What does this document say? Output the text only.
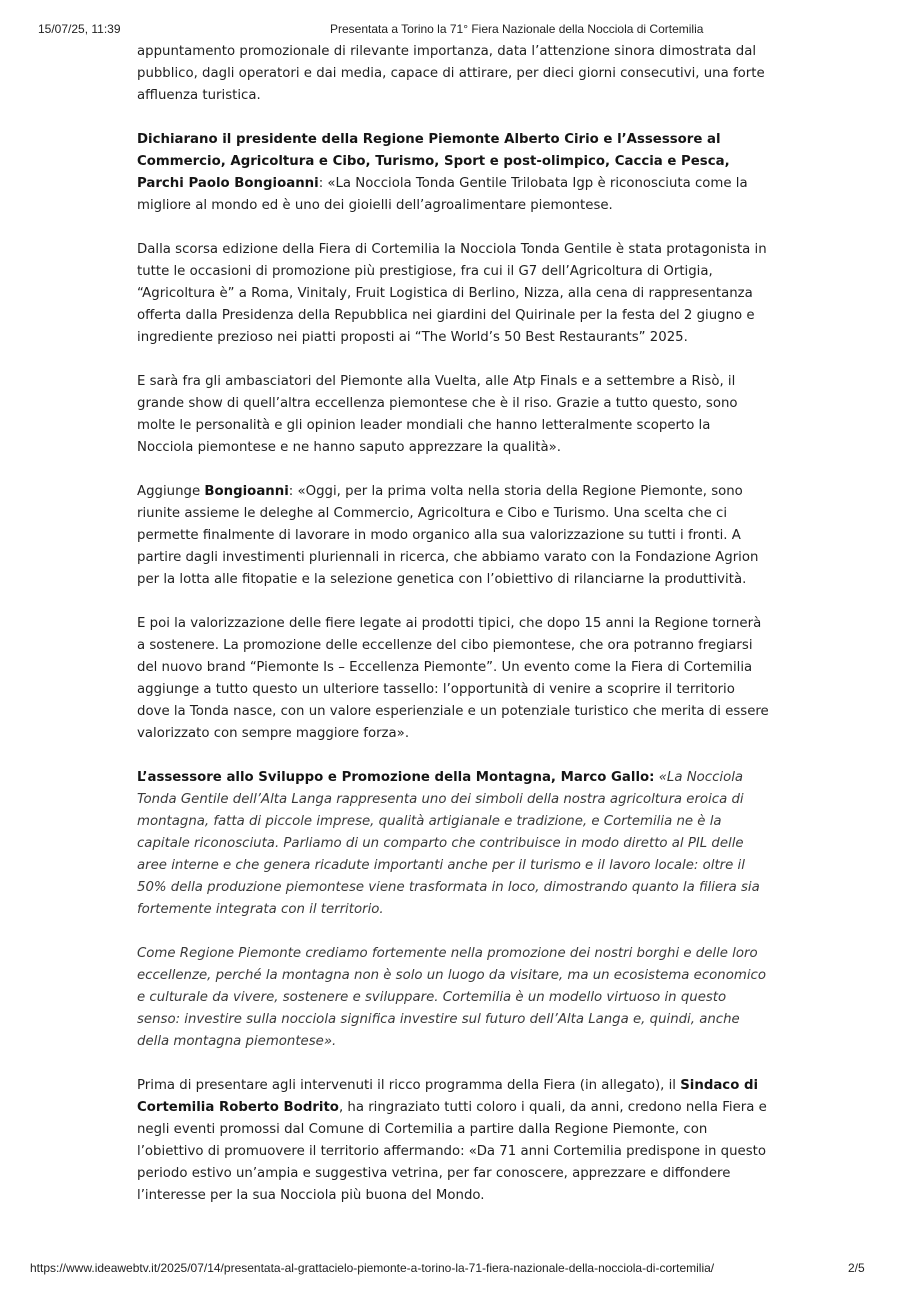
15/07/25, 11:39	Presentata a Torino la 71° Fiera Nazionale della Nocciola di Cortemilia

appuntamento promozionale di rilevante importanza, data l’attenzione sinora dimostrata dal pubblico, dagli operatori e dai media, capace di attirare, per dieci giorni consecutivi, una forte affluenza turistica.

Dichiarano il presidente della Regione Piemonte Alberto Cirio e l’Assessore al Commercio, Agricoltura e Cibo, Turismo, Sport e post-olimpico, Caccia e Pesca, Parchi Paolo Bongioanni: «La Nocciola Tonda Gentile Trilobata Igp è riconosciuta come la migliore al mondo ed è uno dei gioielli dell’agroalimentare piemontese.

Dalla scorsa edizione della Fiera di Cortemilia la Nocciola Tonda Gentile è stata protagonista in tutte le occasioni di promozione più prestigiose, fra cui il G7 dell’Agricoltura di Ortigia, “Agricoltura è” a Roma, Vinitaly, Fruit Logistica di Berlino, Nizza, alla cena di rappresentanza offerta dalla Presidenza della Repubblica nei giardini del Quirinale per la festa del 2 giugno e ingrediente prezioso nei piatti proposti ai “The World’s 50 Best Restaurants” 2025.

E sarà fra gli ambasciatori del Piemonte alla Vuelta, alle Atp Finals e a settembre a Risò, il grande show di quell’altra eccellenza piemontese che è il riso. Grazie a tutto questo, sono molte le personalità e gli opinion leader mondiali che hanno letteralmente scoperto la Nocciola piemontese e ne hanno saputo apprezzare la qualità».

Aggiunge Bongioanni: «Oggi, per la prima volta nella storia della Regione Piemonte, sono riunite assieme le deleghe al Commercio, Agricoltura e Cibo e Turismo. Una scelta che ci permette finalmente di lavorare in modo organico alla sua valorizzazione su tutti i fronti. A partire dagli investimenti pluriennali in ricerca, che abbiamo varato con la Fondazione Agrion per la lotta alle fitopatie e la selezione genetica con l’obiettivo di rilanciarne la produttività.

E poi la valorizzazione delle fiere legate ai prodotti tipici, che dopo 15 anni la Regione tornerà a sostenere. La promozione delle eccellenze del cibo piemontese, che ora potranno fregiarsi del nuovo brand “Piemonte Is – Eccellenza Piemonte”. Un evento come la Fiera di Cortemilia aggiunge a tutto questo un ulteriore tassello: l’opportunità di venire a scoprire il territorio dove la Tonda nasce, con un valore esperienziale e un potenziale turistico che merita di essere valorizzato con sempre maggiore forza».

L’assessore allo Sviluppo e Promozione della Montagna, Marco Gallo: «La Nocciola Tonda Gentile dell’Alta Langa rappresenta uno dei simboli della nostra agricoltura eroica di montagna, fatta di piccole imprese, qualità artigianale e tradizione, e Cortemilia ne è la capitale riconosciuta. Parliamo di un comparto che contribuisce in modo diretto al PIL delle aree interne e che genera ricadute importanti anche per il turismo e il lavoro locale: oltre il 50% della produzione piemontese viene trasformata in loco, dimostrando quanto la filiera sia fortemente integrata con il territorio.

Come Regione Piemonte crediamo fortemente nella promozione dei nostri borghi e delle loro eccellenze, perché la montagna non è solo un luogo da visitare, ma un ecosistema economico e culturale da vivere, sostenere e sviluppare. Cortemilia è un modello virtuoso in questo senso: investire sulla nocciola significa investire sul futuro dell’Alta Langa e, quindi, anche della montagna piemontese».

Prima di presentare agli intervenuti il ricco programma della Fiera (in allegato), il Sindaco di Cortemilia Roberto Bodrito, ha ringraziato tutti coloro i quali, da anni, credono nella Fiera e negli eventi promossi dal Comune di Cortemilia a partire dalla Regione Piemonte, con l’obiettivo di promuovere il territorio affermando: «Da 71 anni Cortemilia predispone in questo periodo estivo un’ampia e suggestiva vetrina, per far conoscere, apprezzare e diffondere l’interesse per la sua Nocciola più buona del Mondo.

https://www.ideawebtv.it/2025/07/14/presentata-al-grattacielo-piemonte-a-torino-la-71-fiera-nazionale-della-nocciola-di-cortemilia/	2/5
